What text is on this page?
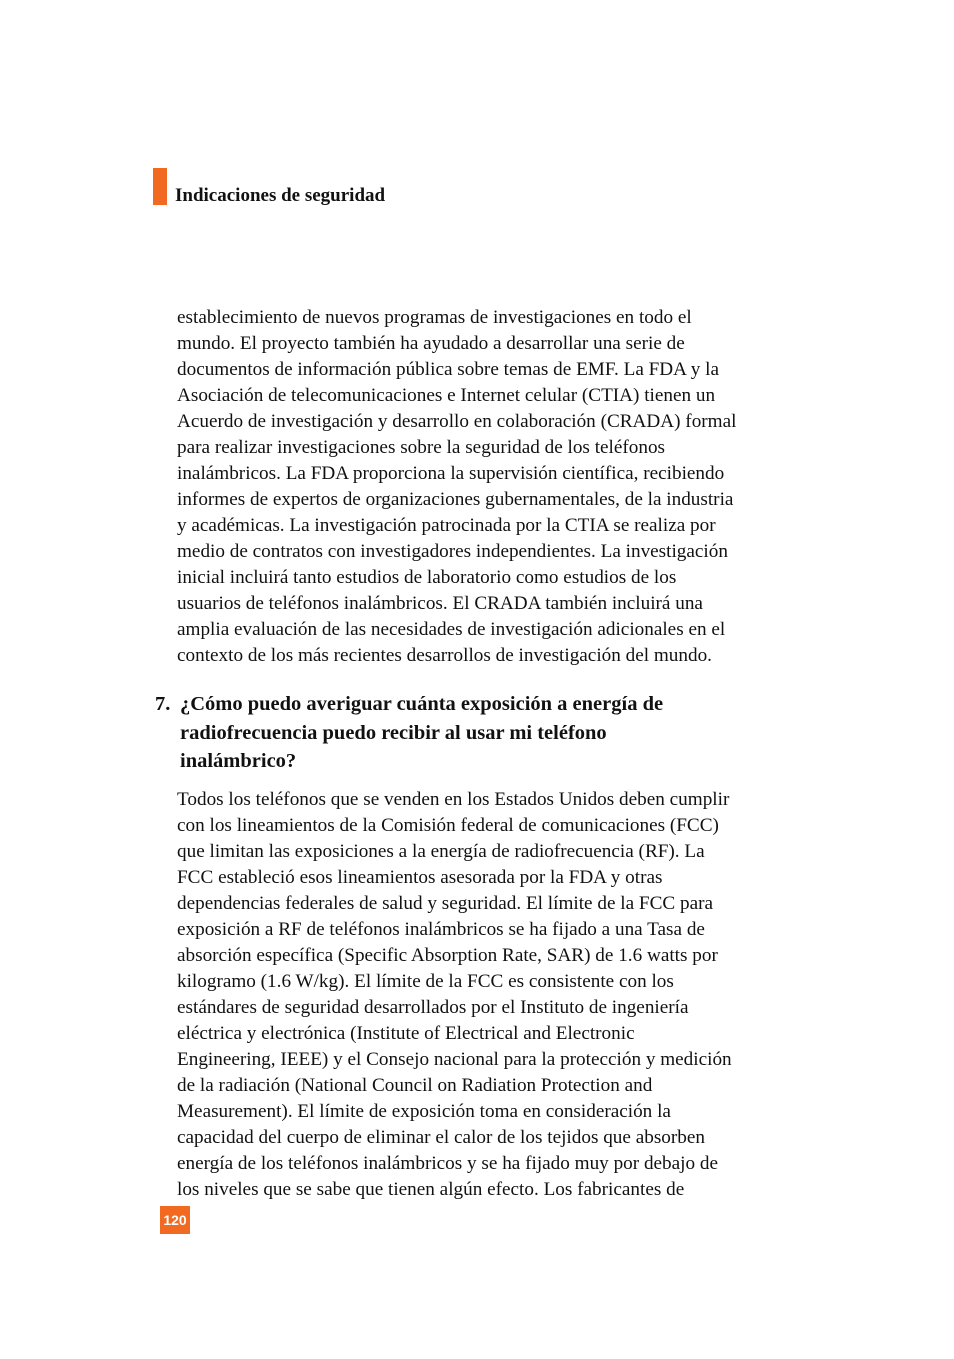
Indicaciones de seguridad
establecimiento de nuevos programas de investigaciones en todo el
mundo. El proyecto también ha ayudado a desarrollar una serie de
documentos de información pública sobre temas de EMF. La FDA y la
Asociación de telecomunicaciones e Internet celular (CTIA) tienen un
Acuerdo de investigación y desarrollo en colaboración (CRADA) formal
para realizar investigaciones sobre la seguridad de los teléfonos
inalámbricos. La FDA proporciona la supervisión científica, recibiendo
informes de expertos de organizaciones gubernamentales, de la industria
y académicas. La investigación patrocinada por la CTIA se realiza por
medio de contratos con investigadores independientes. La investigación
inicial incluirá tanto estudios de laboratorio como estudios de los
usuarios de teléfonos inalámbricos. El CRADA también incluirá una
amplia evaluación de las necesidades de investigación adicionales en el
contexto de los más recientes desarrollos de investigación del mundo.
7. ¿Cómo puedo averiguar cuánta exposición a energía de
radiofrecuencia puedo recibir al usar mi teléfono
inalámbrico?
Todos los teléfonos que se venden en los Estados Unidos deben cumplir
con los lineamientos de la Comisión federal de comunicaciones (FCC)
que limitan las exposiciones a la energía de radiofrecuencia (RF). La
FCC estableció esos lineamientos asesorada por la FDA y otras
dependencias federales de salud y seguridad. El límite de la FCC para
exposición a RF de teléfonos inalámbricos se ha fijado a una Tasa de
absorción específica (Specific Absorption Rate, SAR) de 1.6 watts por
kilogramo (1.6 W/kg). El límite de la FCC es consistente con los
estándares de seguridad desarrollados por el Instituto de ingeniería
eléctrica y electrónica (Institute of Electrical and Electronic
Engineering, IEEE) y el Consejo nacional para la protección y medición
de la radiación (National Council on Radiation Protection and
Measurement). El límite de exposición toma en consideración la
capacidad del cuerpo de eliminar el calor de los tejidos que absorben
energía de los teléfonos inalámbricos y se ha fijado muy por debajo de
los niveles que se sabe que tienen algún efecto. Los fabricantes de
120
